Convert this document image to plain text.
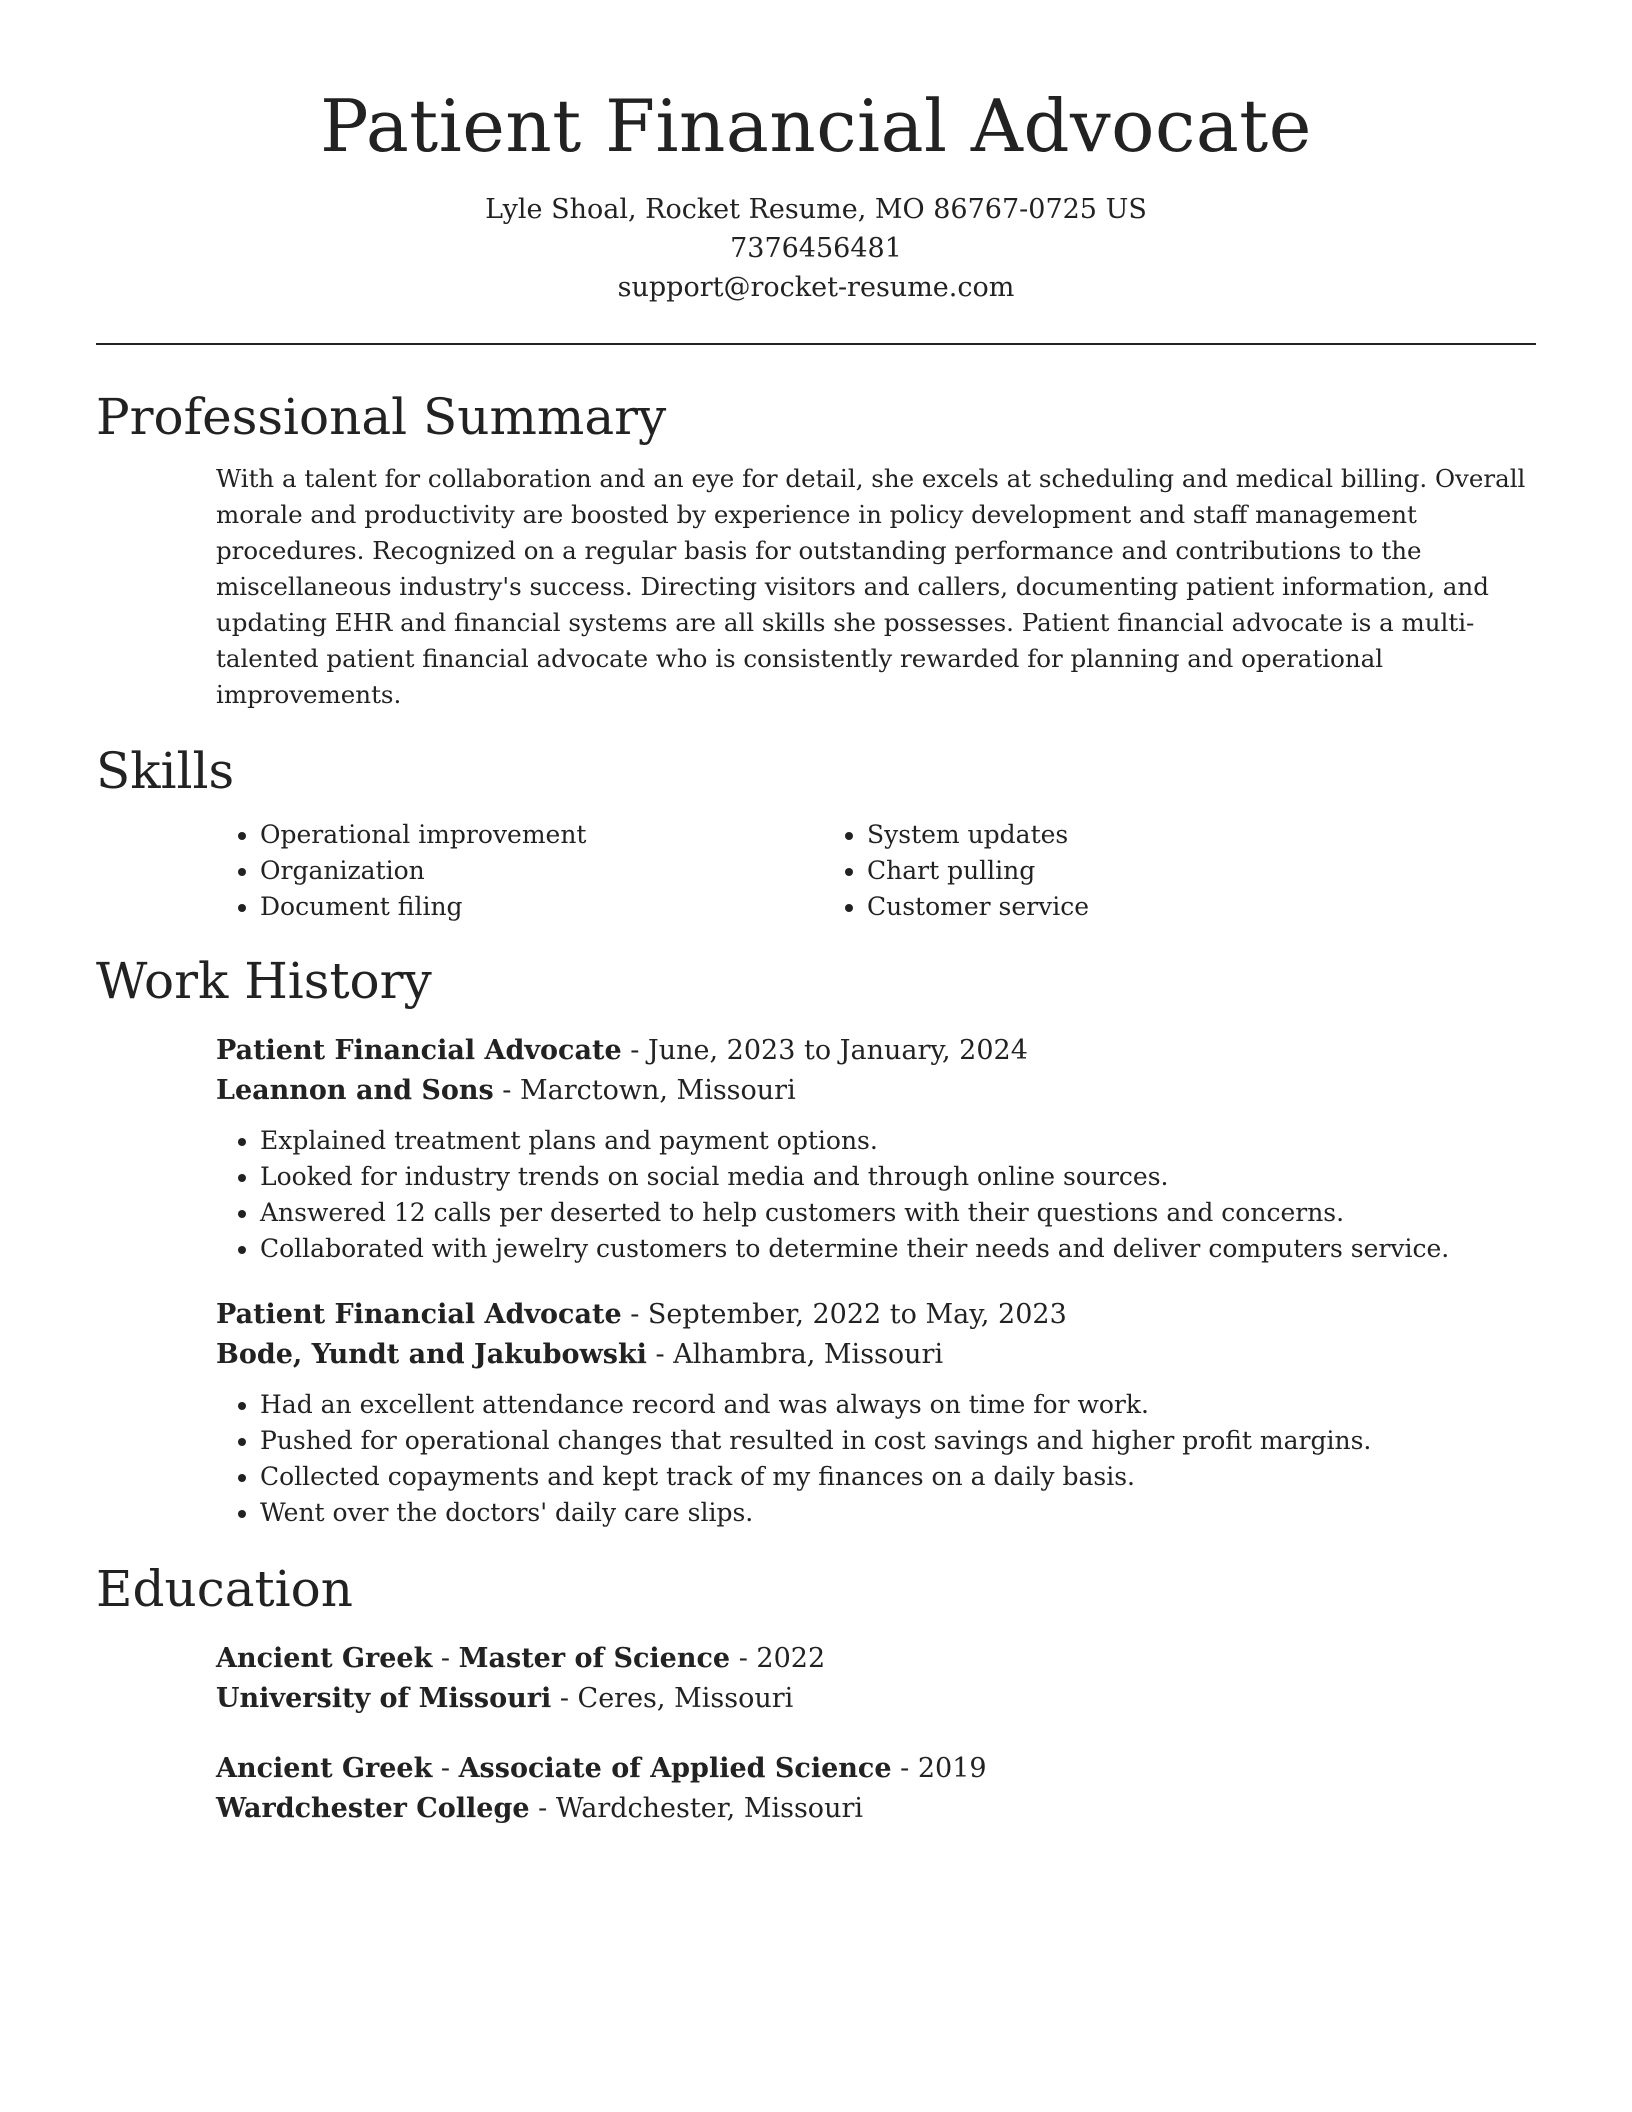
Patient Financial Advocate
Lyle Shoal, Rocket Resume, MO 86767-0725 US
7376456481
support@rocket-resume.com
Professional Summary

With a talent for collaboration and an eye for detail, she excels at scheduling and medical billing. Overall morale and productivity are boosted by experience in policy development and staff management procedures. Recognized on a regular basis for outstanding performance and contributions to the miscellaneous industry's success. Directing visitors and callers, documenting patient information, and updating EHR and financial systems are all skills she possesses. Patient financial advocate is a multi-talented patient financial advocate who is consistently rewarded for planning and operational improvements.

Skills
• Operational improvement
• Organization
• Document filing
• System updates
• Chart pulling
• Customer service
Work History

Patient Financial Advocate - June, 2023 to January, 2024

Leannon and Sons - Marctown, Missouri

• Explained treatment plans and payment options.
• Looked for industry trends on social media and through online sources.
• Answered 12 calls per deserted to help customers with their questions and concerns.
• Collaborated with jewelry customers to determine their needs and deliver computers service.

Patient Financial Advocate - September, 2022 to May, 2023

Bode, Yundt and Jakubowski - Alhambra, Missouri

• Had an excellent attendance record and was always on time for work.
• Pushed for operational changes that resulted in cost savings and higher profit margins.
• Collected copayments and kept track of my finances on a daily basis.
• Went over the doctors' daily care slips.
Education

Ancient Greek - Master of Science - 2022

University of Missouri - Ceres, Missouri

Ancient Greek - Associate of Applied Science - 2019

Wardchester College - Wardchester, Missouri
